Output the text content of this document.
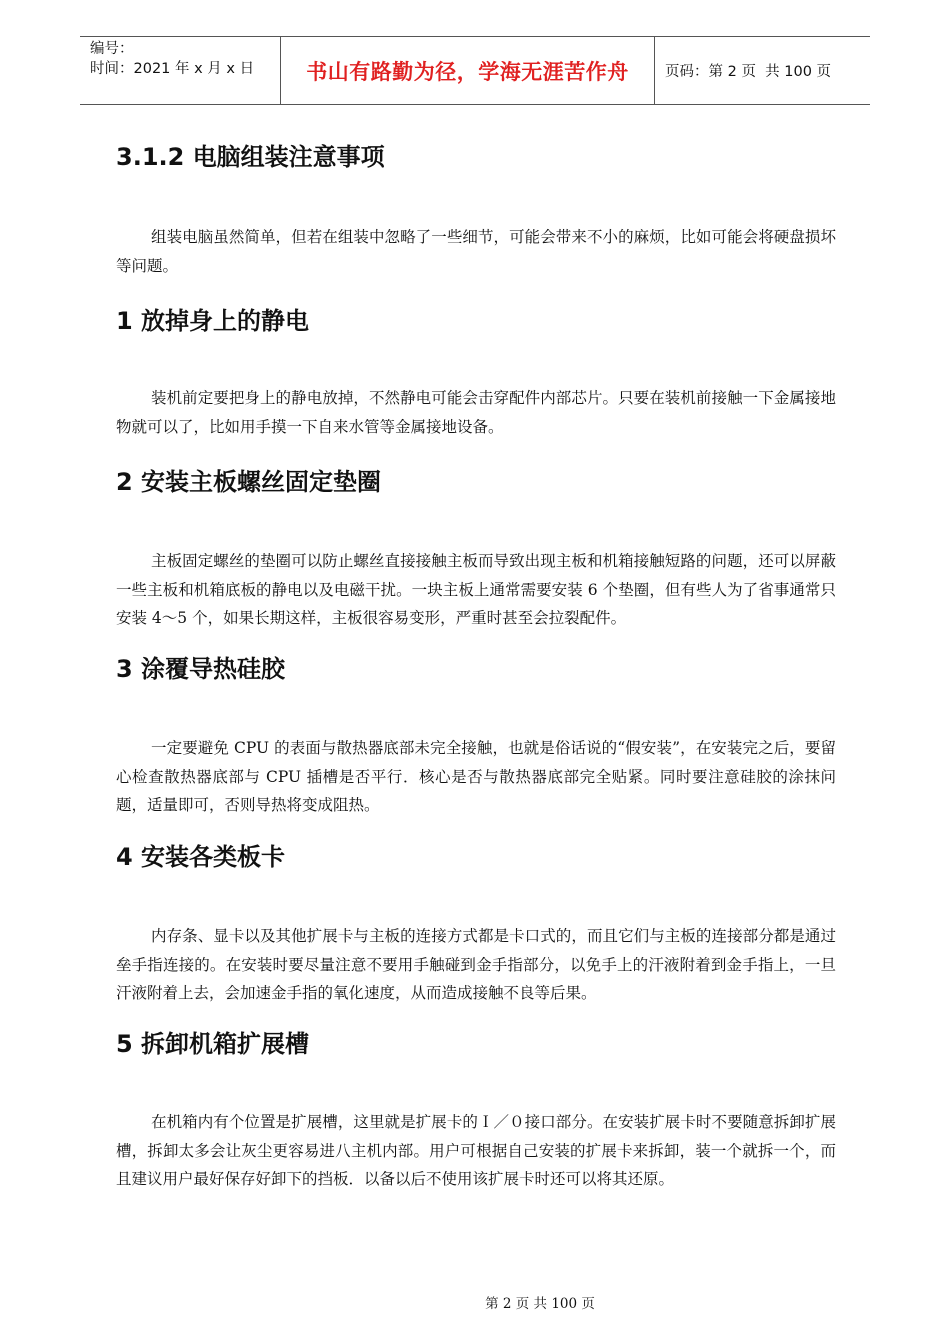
编号：
时间：2021 年 x 月 x 日	书山有路勤为径，学海无涯苦作舟	页码：第 2 页  共 100 页
3.1.2 电脑组装注意事项

组装电脑虽然简单，但若在组装中忽略了一些细节，可能会带来不小的麻烦，比如可能会将硬盘损坏等问题。

1 放掉身上的静电

装机前定要把身上的静电放掉，不然静电可能会击穿配件内部芯片。只要在装机前接触一下金属接地物就可以了，比如用手摸一下自来水管等金属接地设备。

2 安装主板螺丝固定垫圈

主板固定螺丝的垫圈可以防止螺丝直接接触主板而导致出现主板和机箱接触短路的问题，还可以屏蔽一些主板和机箱底板的静电以及电磁干扰。一块主板上通常需要安装 6 个垫圈，但有些人为了省事通常只安装 4～5 个，如果长期这样，主板很容易变形，严重时甚至会拉裂配件。

3 涂覆导热硅胶

一定要避免 CPU 的表面与散热器底部未完全接触，也就是俗话说的“假安装”，在安装完之后，要留心检查散热器底部与 CPU 插槽是否平行．核心是否与散热器底部完全贴紧。同时要注意硅胶的涂抹问题，适量即可，否则导热将变成阻热。

4 安装各类板卡

内存条、显卡以及其他扩展卡与主板的连接方式都是卡口式的，而且它们与主板的连接部分都是通过垒手指连接的。在安装时要尽量注意不要用手触碰到金手指部分，以免手上的汗液附着到金手指上，一旦汗液附着上去，会加速金手指的氧化速度，从而造成接触不良等后果。

5 拆卸机箱扩展槽

在机箱内有个位置是扩展槽，这里就是扩展卡的Ｉ／０接口部分。在安装扩展卡时不要随意拆卸扩展槽，拆卸太多会让灰尘更容易进八主机内部。用户可根据自己安装的扩展卡来拆卸，装一个就拆一个，而且建议用户最好保存好卸下的挡板．以备以后不使用该扩展卡时还可以将其还原。

第 2 页 共 100 页
